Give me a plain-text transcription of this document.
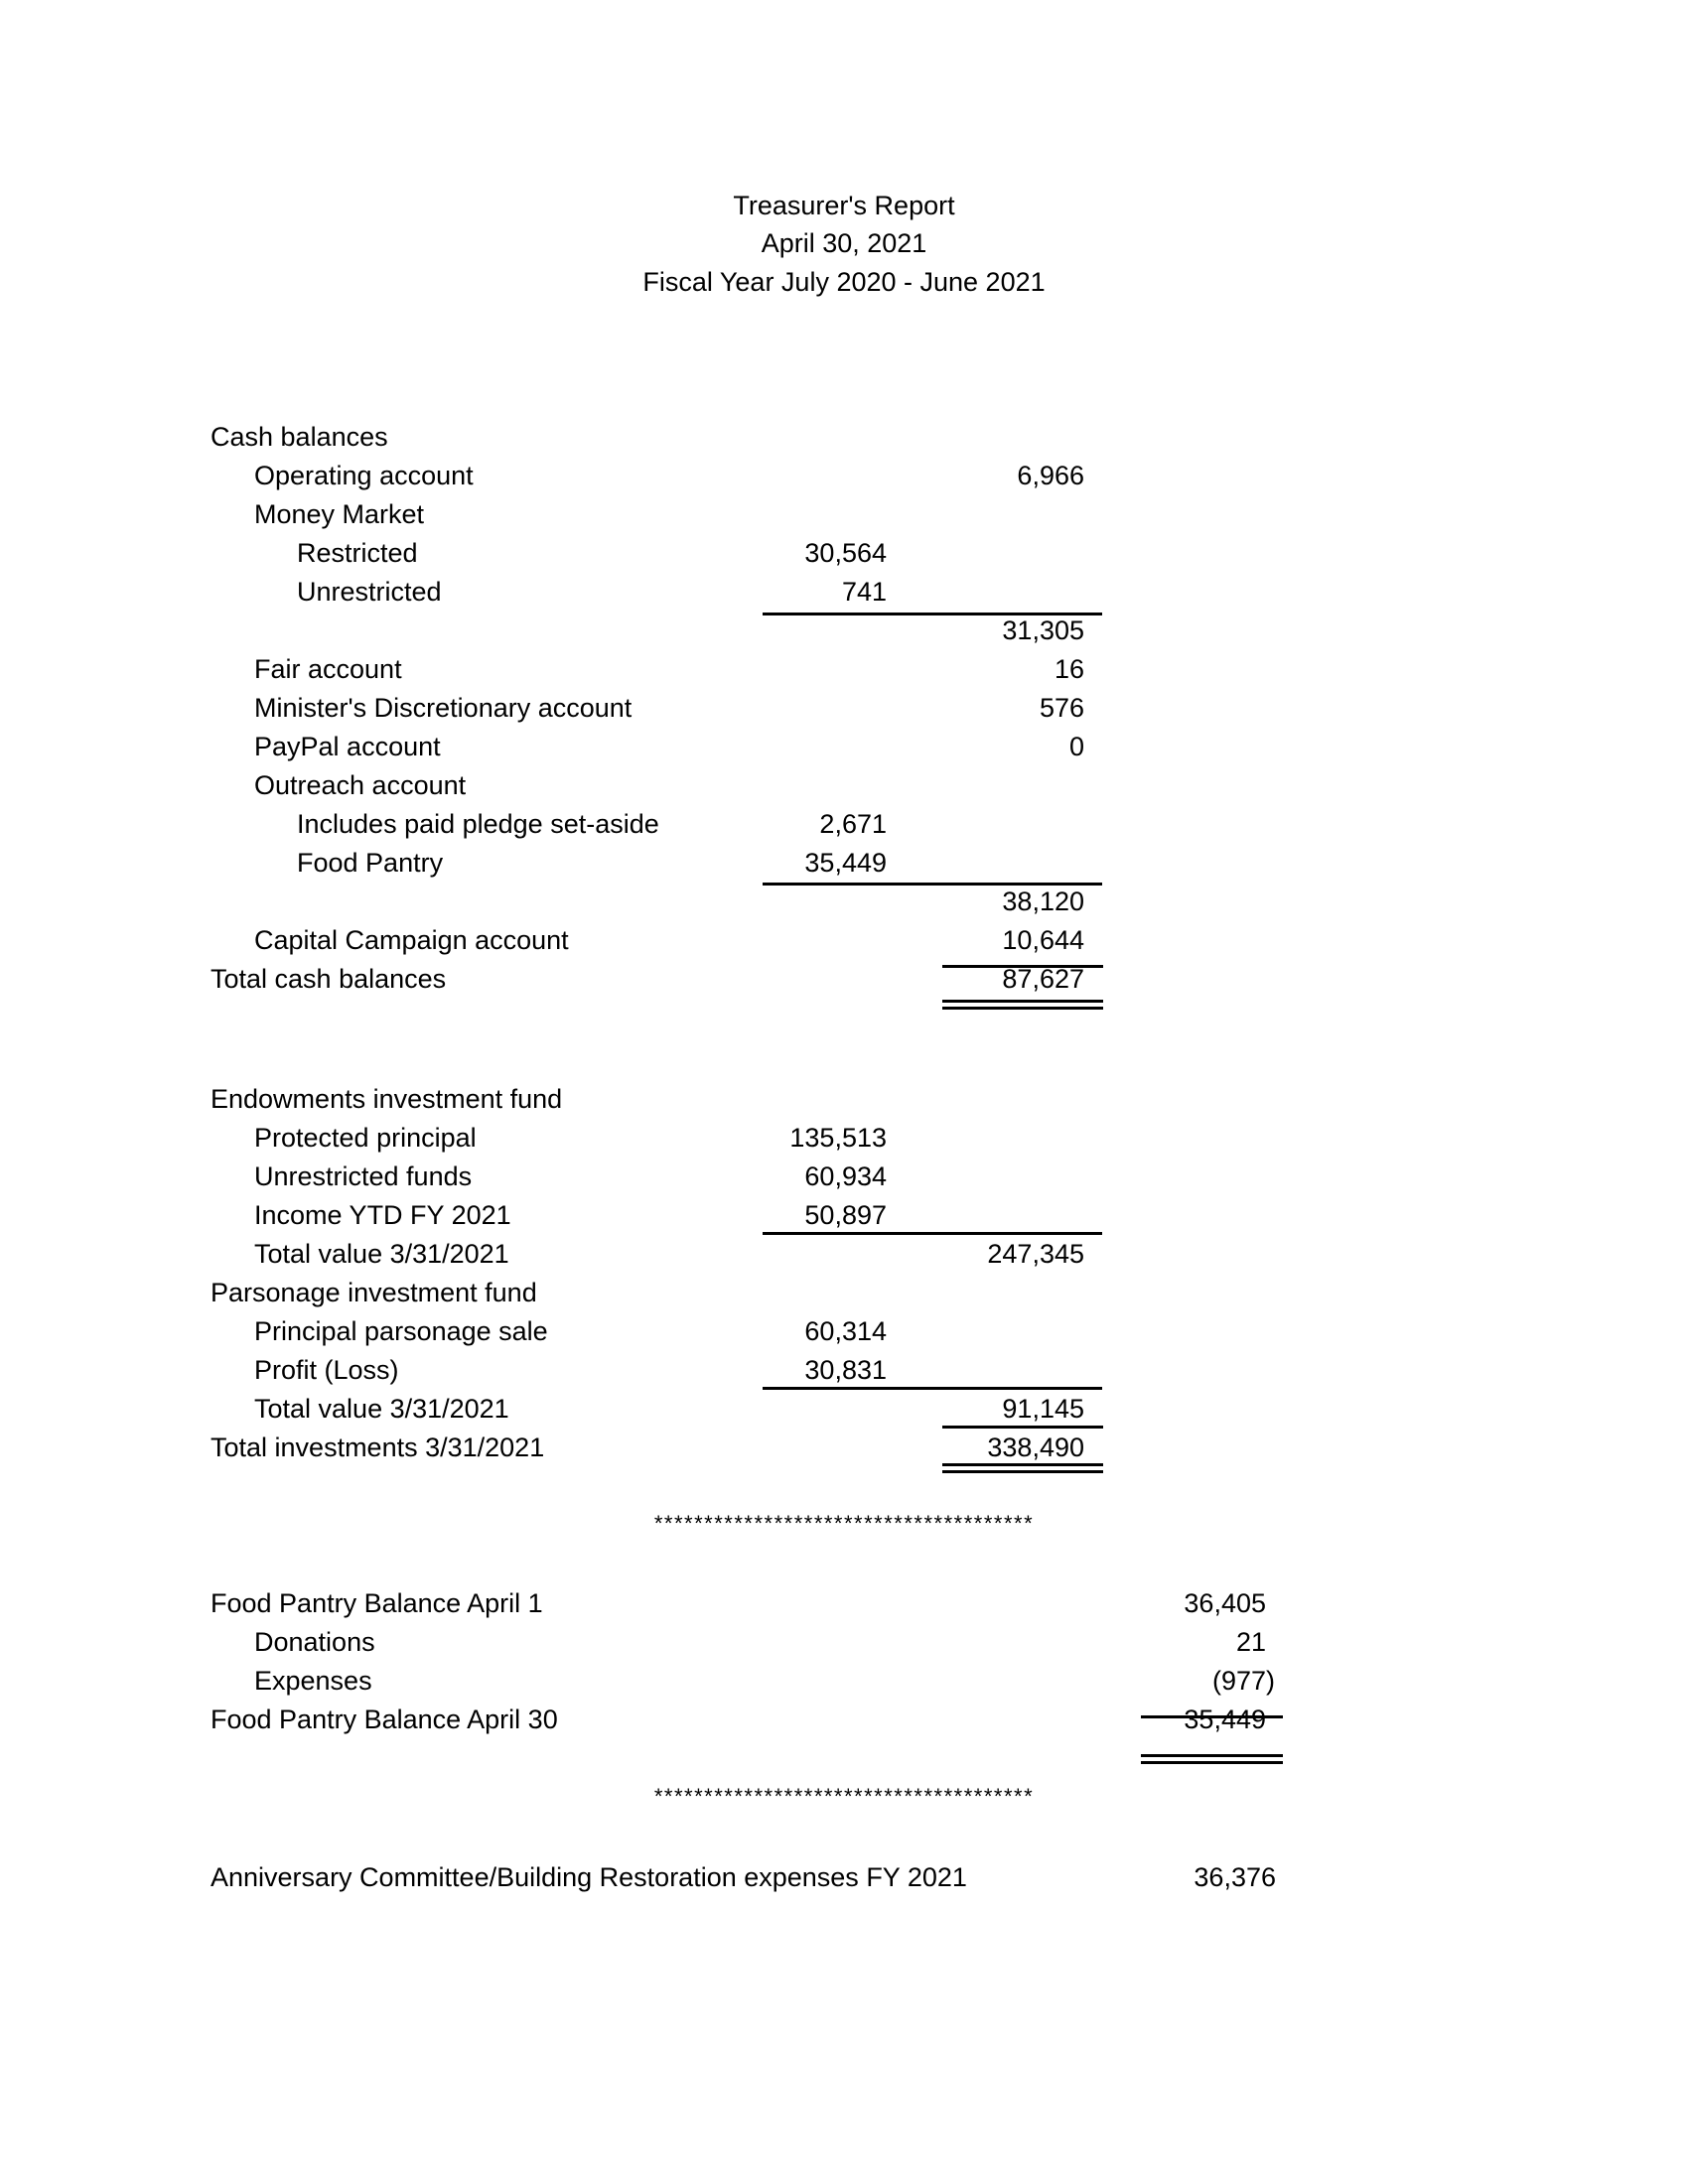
Treasurer's Report
April 30, 2021
Fiscal Year July 2020 - June 2021
Cash balances
Operating account	6,966
Money Market
Restricted	30,564
Unrestricted	741
31,305
Fair account	16
Minister's Discretionary account	576
PayPal account	0
Outreach account
Includes paid pledge set-aside	2,671
Food Pantry	35,449
38,120
Capital Campaign account	10,644
Total cash balances	87,627
Endowments investment fund
Protected principal	135,513
Unrestricted funds	60,934
Income YTD FY 2021	50,897
Total value 3/31/2021	247,345
Parsonage investment fund
Principal parsonage sale	60,314
Profit (Loss)	30,831
Total value 3/31/2021	91,145
Total investments 3/31/2021	338,490
**************************************
Food Pantry Balance April 1	36,405
Donations	21
Expenses	(977)
Food Pantry Balance April 30	35,449
**************************************
Anniversary Committee/Building Restoration expenses FY 2021	36,376
